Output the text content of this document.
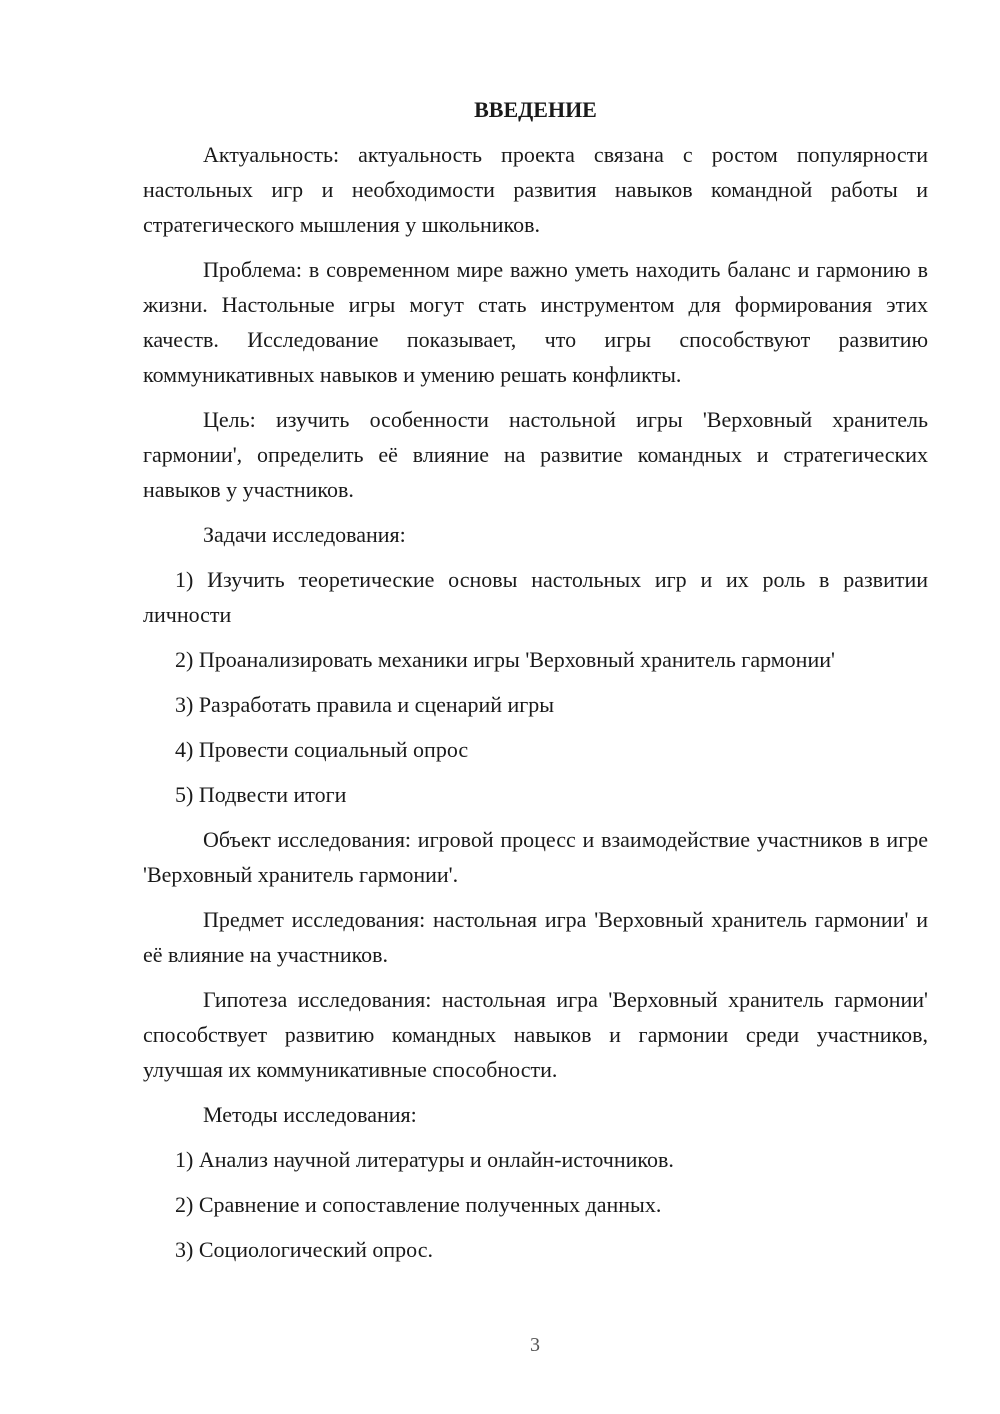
ВВЕДЕНИЕ

Актуальность: актуальность проекта связана с ростом популярности настольных игр и необходимости развития навыков командной работы и стратегического мышления у школьников.

Проблема: в современном мире важно уметь находить баланс и гармонию в жизни. Настольные игры могут стать инструментом для формирования этих качеств. Исследование показывает, что игры способствуют развитию коммуникативных навыков и умению решать конфликты.

Цель: изучить особенности настольной игры 'Верховный хранитель гармонии', определить её влияние на развитие командных и стратегических навыков у участников.

Задачи исследования:

1) Изучить теоретические основы настольных игр и их роль в развитии личности

2) Проанализировать механики игры 'Верховный хранитель гармонии'

3) Разработать правила и сценарий игры

4) Провести социальный опрос

5) Подвести итоги

Объект исследования: игровой процесс и взаимодействие участников в игре 'Верховный хранитель гармонии'.

Предмет исследования: настольная игра 'Верховный хранитель гармонии' и её влияние на участников.

Гипотеза исследования: настольная игра 'Верховный хранитель гармонии' способствует развитию командных навыков и гармонии среди участников, улучшая их коммуникативные способности.

Методы исследования:

1) Анализ научной литературы и онлайн-источников.

2) Сравнение и сопоставление полученных данных.

3) Социологический опрос.

3
